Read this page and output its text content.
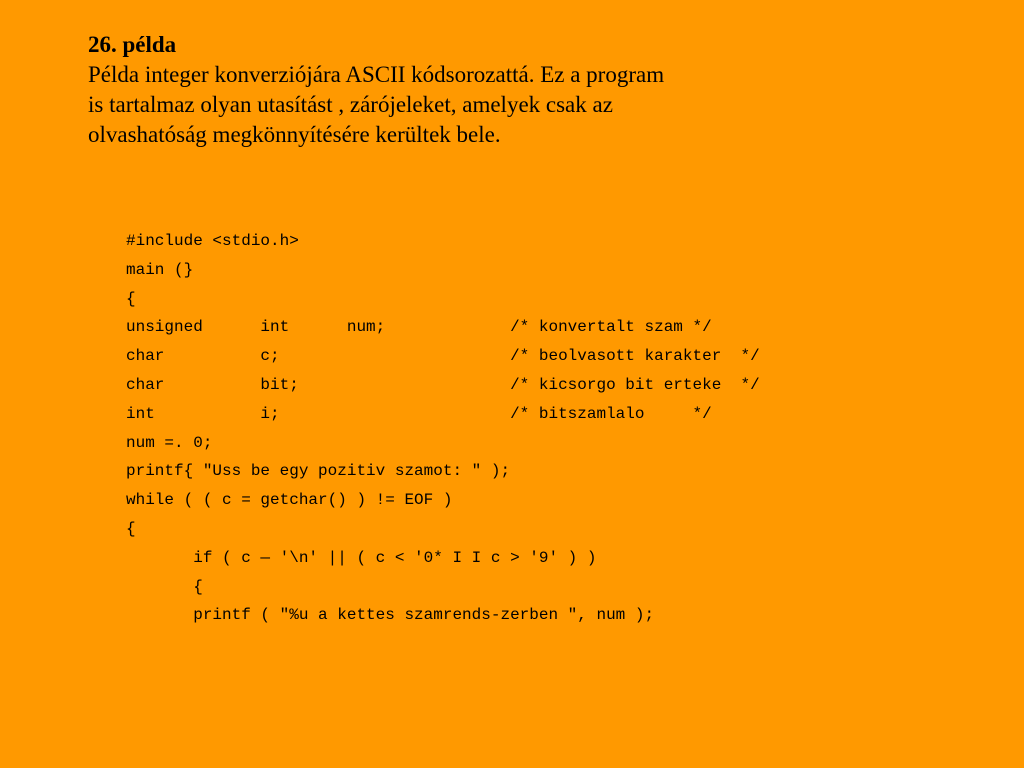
26. példa
Példa integer konverziójára ASCII kódsorozattá. Ez a program
is tartalmaz olyan utasítást , zárójeleket, amelyek csak az
olvashatóság megkönnyítésére kerültek bele.
#include <stdio.h>
main (}
{
unsigned      int      num;             /* konvertalt szam */
char          c;                        /* beolvasott karakter  */
char          bit;                      /* kicsorgo bit erteke  */
int           i;                        /* bitszamlalo     */
num =. 0;
printf{ "Uss be egy pozitiv szamot: " );
while ( ( c = getchar() ) != EOF )
{
if ( c — '\n' || ( c < '0* I I c > '9' ) )
{
printf ( "%u a kettes szamrends-zerben ", num );
